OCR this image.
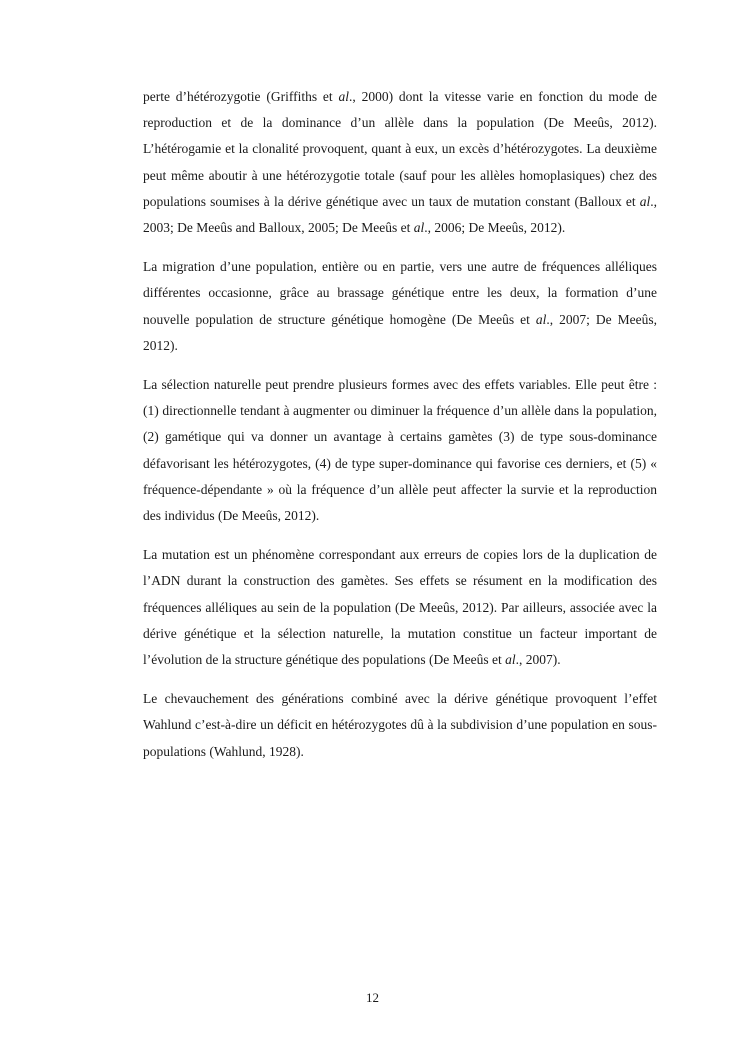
perte d’hétérozygotie (Griffiths et al., 2000) dont la vitesse varie en fonction du mode de reproduction et de la dominance d’un allèle dans la population (De Meeûs, 2012). L’hétérogamie et la clonalité provoquent, quant à eux, un excès d’hétérozygotes. La deuxième peut même aboutir à une hétérozygotie totale (sauf pour les allèles homoplasiques) chez des populations soumises à la dérive génétique avec un taux de mutation constant (Balloux et al., 2003; De Meeûs and Balloux, 2005; De Meeûs et al., 2006; De Meeûs, 2012).

La migration d’une population, entière ou en partie, vers une autre de fréquences alléliques différentes occasionne, grâce au brassage génétique entre les deux, la formation d’une nouvelle population de structure génétique homogène (De Meeûs et al., 2007; De Meeûs, 2012).

La sélection naturelle peut prendre plusieurs formes avec des effets variables. Elle peut être : (1) directionnelle tendant à augmenter ou diminuer la fréquence d’un allèle dans la population, (2) gamétique qui va donner un avantage à certains gamètes (3) de type sous-dominance défavorisant les hétérozygotes, (4) de type super-dominance qui favorise ces derniers, et (5) « fréquence-dépendante » où la fréquence d’un allèle peut affecter la survie et la reproduction des individus (De Meeûs, 2012).

La mutation est un phénomène correspondant aux erreurs de copies lors de la duplication de l’ADN durant la construction des gamètes. Ses effets se résument en la modification des fréquences alléliques au sein de la population (De Meeûs, 2012). Par ailleurs, associée avec la dérive génétique et la sélection naturelle, la mutation constitue un facteur important de l’évolution de la structure génétique des populations (De Meeûs et al., 2007).

Le chevauchement des générations combiné avec la dérive génétique provoquent l’effet Wahlund c’est-à-dire un déficit en hétérozygotes dû à la subdivision d’une population en sous-populations (Wahlund, 1928).

12
